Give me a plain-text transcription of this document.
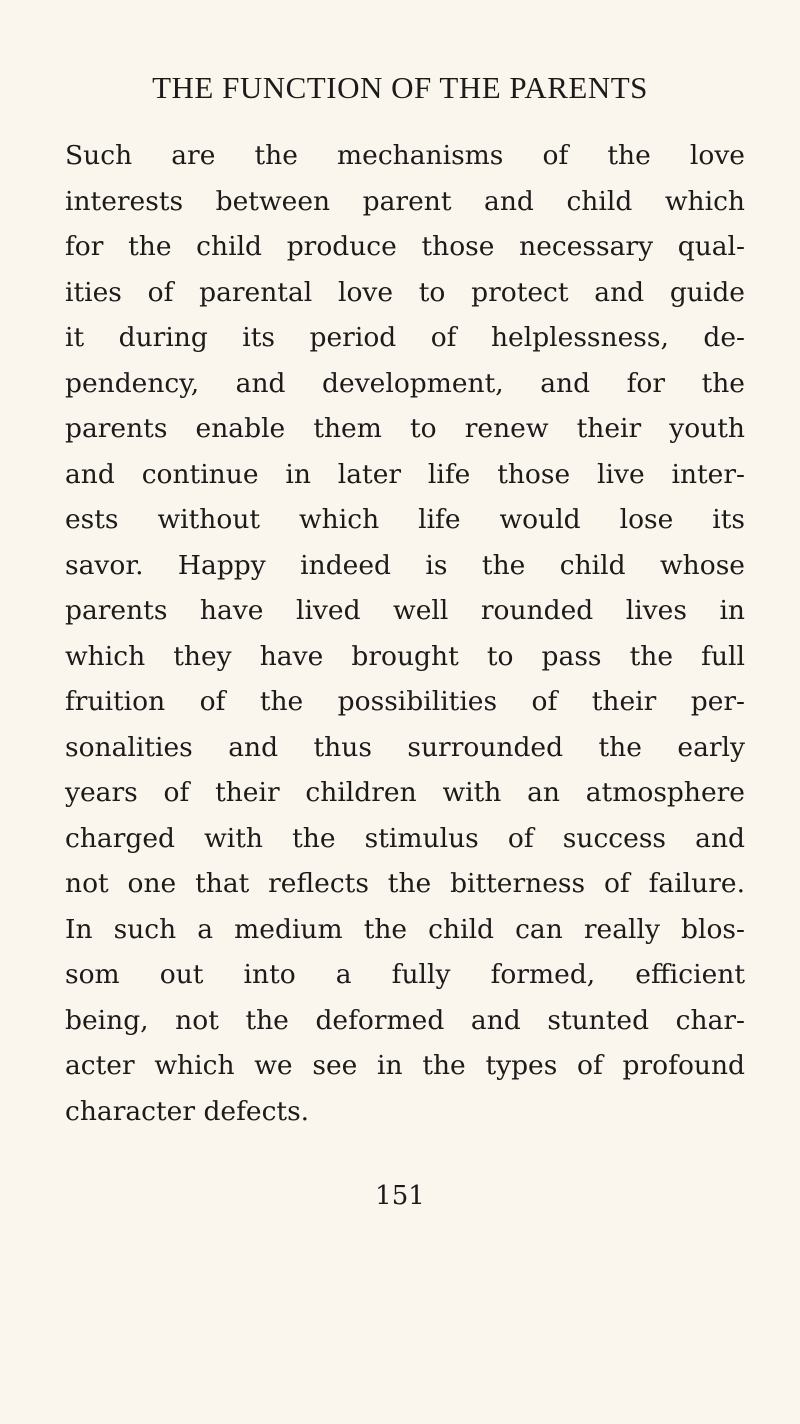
THE FUNCTION OF THE PARENTS
Such are the mechanisms of the love
interests between parent and child which
for the child produce those necessary qual-
ities of parental love to protect and guide
it during its period of helplessness, de-
pendency, and development, and for the
parents enable them to renew their youth
and continue in later life those live inter-
ests without which life would lose its
savor. Happy indeed is the child whose
parents have lived well rounded lives in
which they have brought to pass the full
fruition of the possibilities of their per-
sonalities and thus surrounded the early
years of their children with an atmosphere
charged with the stimulus of success and
not one that reflects the bitterness of failure.
In such a medium the child can really blos-
som out into a fully formed, efficient
being, not the deformed and stunted char-
acter which we see in the types of profound
character defects.
151
